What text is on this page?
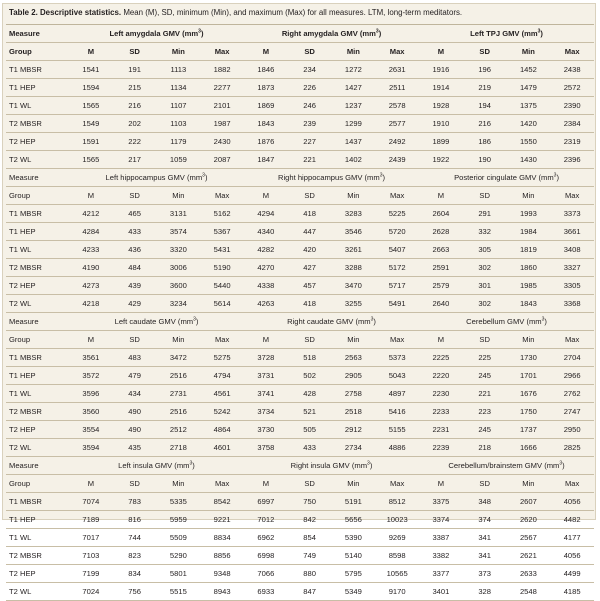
Table 2. Descriptive statistics. Mean (M), SD, minimum (Min), and maximum (Max) for all measures. LTM, long-term meditators.
Measure	Left amygdala GMV $(mm^3)$				Right amygdala GMV $(mm^3)$				Left TPJ GMV $(mm^3)$			
Group	M	SD	Min	Max	M	SD	Min	Max	M	SD	Min	Max
T1 MBSR	1541	191	1113	1882	1846	234	1272	2631	1916	196	1452	2438
T1 HEP	1594	215	1134	2277	1873	226	1427	2511	1914	219	1479	2572
T1 WL	1565	216	1107	2101	1869	246	1237	2578	1928	194	1375	2390
T2 MBSR	1549	202	1103	1987	1843	239	1299	2577	1910	216	1420	2384
T2 HEP	1591	222	1179	2430	1876	227	1437	2492	1899	186	1550	2319
T2 WL	1565	217	1059	2087	1847	221	1402	2439	1922	190	1430	2396
Measure	Left hippocampus GMV $(mm^3)$				Right hippocampus GMV $(mm^3)$				Posterior cingulate GMV $(mm^3)$			
Group	M	SD	Min	Max	M	SD	Min	Max	M	SD	Min	Max
T1 MBSR	4212	465	3131	5162	4294	418	3283	5225	2604	291	1993	3373
T1 HEP	4284	433	3574	5367	4340	447	3546	5720	2628	332	1984	3661
T1 WL	4233	436	3320	5431	4282	420	3261	5407	2663	305	1819	3408
T2 MBSR	4190	484	3006	5190	4270	427	3288	5172	2591	302	1860	3327
T2 HEP	4273	439	3600	5440	4338	457	3470	5717	2579	301	1985	3305
T2 WL	4218	429	3234	5614	4263	418	3255	5491	2640	302	1843	3368
Measure	Left caudate GMV $(mm^3)$				Right caudate GMV $(mm^3)$				Cerebellum GMV $(mm^3)$			
Group	M	SD	Min	Max	M	SD	Min	Max	M	SD	Min	Max
T1 MBSR	3561	483	3472	5275	3728	518	2563	5373	2225	225	1730	2704
T1 HEP	3572	479	2516	4794	3731	502	2905	5043	2220	245	1701	2966
T1 WL	3596	434	2731	4561	3741	428	2758	4897	2230	221	1676	2762
T2 MBSR	3560	490	2516	5242	3734	521	2518	5416	2233	223	1750	2747
T2 HEP	3554	490	2512	4864	3730	505	2912	5155	2231	245	1737	2950
T2 WL	3594	435	2718	4601	3758	433	2734	4886	2239	218	1666	2825
Measure	Left insula GMV $(mm^3)$				Right insula GMV $(mm^3)$				Cerebellum/brainstem GMV $(mm^3)$			
Group	M	SD	Min	Max	M	SD	Min	Max	M	SD	Min	Max
T1 MBSR	7074	783	5335	8542	6997	750	5191	8512	3375	348	2607	4056
T1 HEP	7189	816	5959	9221	7012	842	5656	10023	3374	374	2620	4482
T1 WL	7017	744	5509	8834	6962	854	5390	9269	3387	341	2567	4177
T2 MBSR	7103	823	5290	8856	6998	749	5140	8598	3382	341	2621	4056
T2 HEP	7199	834	5801	9348	7066	880	5795	10565	3377	373	2633	4499
T2 WL	7024	756	5515	8943	6933	847	5349	9170	3401	328	2548	4185
